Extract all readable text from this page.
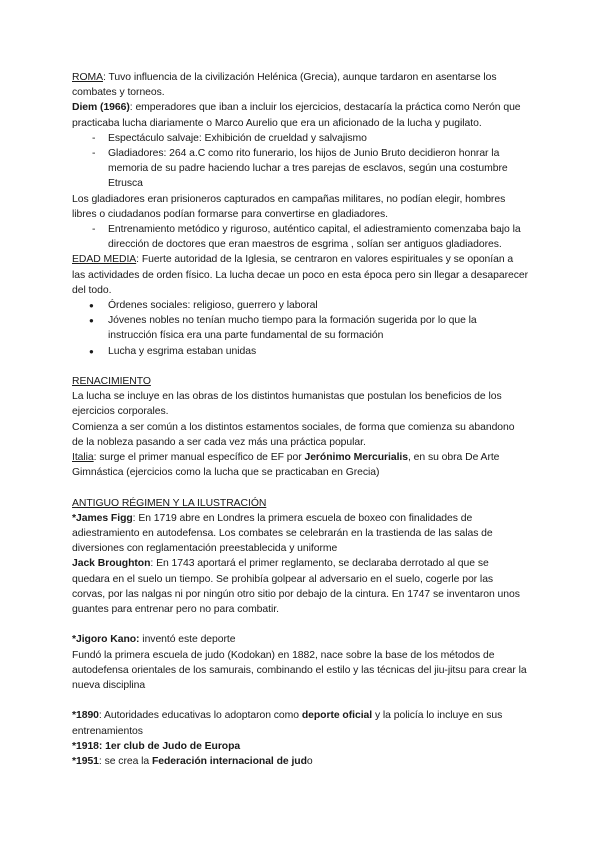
ROMA: Tuvo influencia de la civilización Helénica (Grecia), aunque tardaron en asentarse los combates y torneos.

Diem (1966): emperadores que iban a incluir los ejercicios, destacaría la práctica como Nerón que practicaba lucha diariamente o Marco Aurelio que era un aficionado de la lucha y pugilato.

- Espectáculo salvaje: Exhibición de crueldad y salvajismo
- Gladiadores: 264 a.C como rito funerario, los hijos de Junio Bruto decidieron honrar la memoria de su padre haciendo luchar a tres parejas de esclavos, según una costumbre Etrusca

Los gladiadores eran prisioneros capturados en campañas militares, no podían elegir, hombres libres o ciudadanos podían formarse para convertirse en gladiadores.

- Entrenamiento metódico y riguroso, auténtico capital, el adiestramiento comenzaba bajo la dirección de doctores que eran maestros de esgrima , solían ser antiguos gladiadores.

EDAD MEDIA: Fuerte autoridad de la Iglesia, se centraron en valores espirituales y se oponían a las actividades de orden físico. La lucha decae un poco en esta época pero sin llegar a desaparecer del todo.

● Órdenes sociales: religioso, guerrero y laboral
● Jóvenes nobles no tenían mucho tiempo para la formación sugerida por lo que la instrucción física era una parte fundamental de su formación
● Lucha y esgrima estaban unidas

RENACIMIENTO

La lucha se incluye en las obras de los distintos humanistas que postulan los beneficios de los ejercicios corporales.

Comienza a ser común a los distintos estamentos sociales, de forma que comienza su abandono de la nobleza pasando a ser cada vez más una práctica popular.

Italia: surge el primer manual específico de EF por Jerónimo Mercurialis, en su obra De Arte Gimnástica (ejercicios como la lucha que se practicaban en Grecia)

ANTIGUO RÉGIMEN Y LA ILUSTRACIÓN

*James Figg: En 1719 abre en Londres la primera escuela de boxeo con finalidades de adiestramiento en autodefensa. Los combates se celebrarán en la trastienda de las salas de diversiones con reglamentación preestablecida y uniforme

Jack Broughton: En 1743 aportará el primer reglamento, se declaraba derrotado al que se quedara en el suelo un tiempo. Se prohibía golpear al adversario en el suelo, cogerle por las corvas, por las nalgas ni por ningún otro sitio por debajo de la cintura. En 1747 se inventaron unos guantes para entrenar pero no para combatir.

*Jigoro Kano: inventó este deporte

Fundó la primera escuela de judo (Kodokan) en 1882, nace sobre la base de los métodos de autodefensa orientales de los samurais, combinando el estilo y las técnicas del jiu-jitsu para crear la nueva disciplina

*1890: Autoridades educativas lo adoptaron como deporte oficial y la policía lo incluye en sus entrenamientos

*1918: 1er club de Judo de Europa

*1951: se crea la Federación internacional de judo
